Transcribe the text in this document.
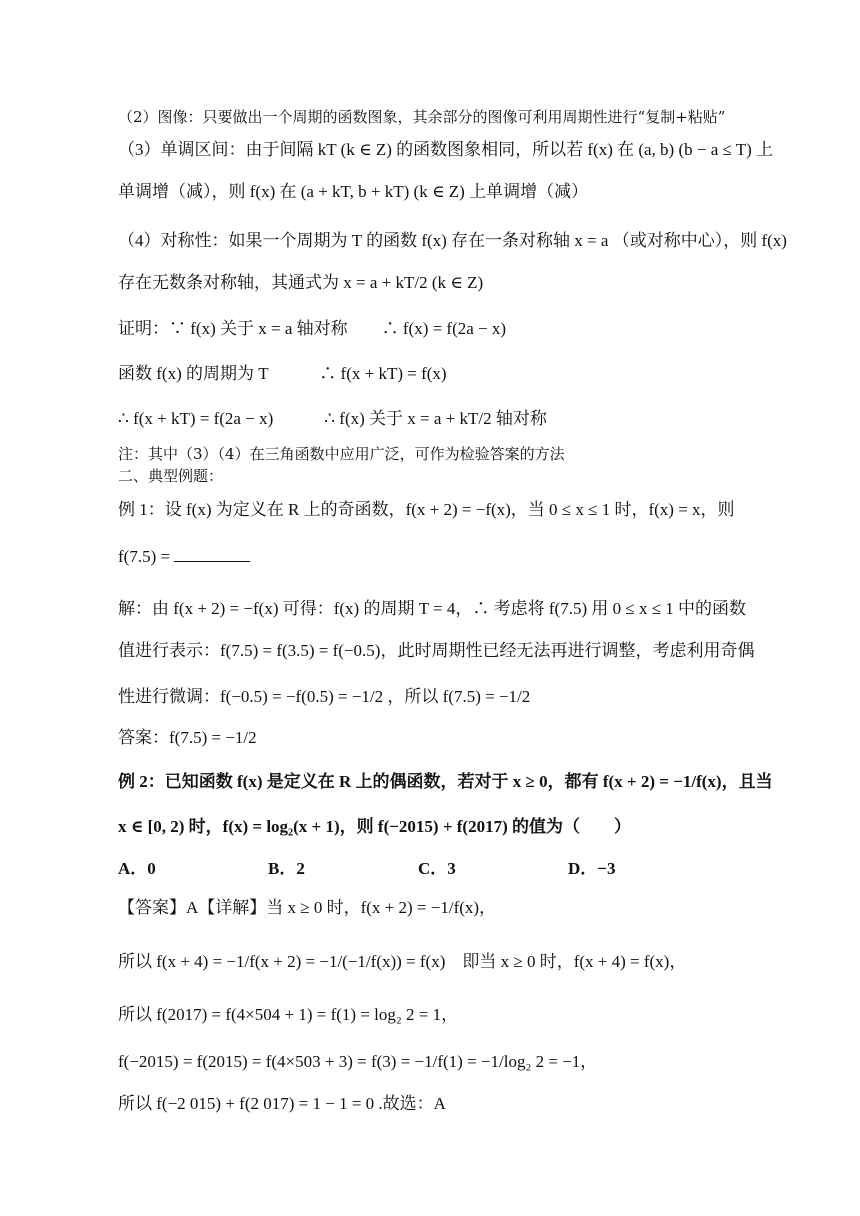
（2）图像：只要做出一个周期的函数图象，其余部分的图像可利用周期性进行“复制+粘贴”
（3）单调区间：由于间隔 kT (k ∈ Z) 的函数图象相同，所以若 f(x) 在 (a, b) (b − a ≤ T) 上
单调增（减），则 f(x) 在 (a + kT, b + kT) (k ∈ Z) 上单调增（减）
（4）对称性：如果一个周期为 T 的函数 f(x) 存在一条对称轴 x = a （或对称中心），则 f(x)
存在无数条对称轴，其通式为 x = a + kT/2 (k ∈ Z)
证明：∵ f(x) 关于 x = a 轴对称　　∴ f(x) = f(2a − x)
函数 f(x) 的周期为 T　　　∴ f(x + kT) = f(x)
∴ f(x + kT) = f(2a − x)　　　∴ f(x) 关于 x = a + kT/2 轴对称
注：其中（3）（4）在三角函数中应用广泛，可作为检验答案的方法
二、典型例题：
例 1：设 f(x) 为定义在 R 上的奇函数，f(x + 2) = −f(x)，当 0 ≤ x ≤ 1 时，f(x) = x，则
f(7.5) =
解：由 f(x + 2) = −f(x) 可得：f(x) 的周期 T = 4，∴ 考虑将 f(7.5) 用 0 ≤ x ≤ 1 中的函数
值进行表示：f(7.5) = f(3.5) = f(−0.5)，此时周期性已经无法再进行调整，考虑利用奇偶
性进行微调：f(−0.5) = −f(0.5) = −1/2 ，所以 f(7.5) = −1/2
答案：f(7.5) = −1/2
例 2：已知函数 f(x) 是定义在 R 上的偶函数，若对于 x ≥ 0，都有 f(x + 2) = −1/f(x)，且当
x ∈ [0, 2) 时，f(x) = log₂(x + 1)，则 f(−2015) + f(2017) 的值为（　　）
A．0	B．2	C．3	D．−3
【答案】A【详解】当 x ≥ 0 时，f(x + 2) = −1/f(x)，
所以 f(x + 4) = −1/f(x + 2) = −1/(−1/f(x)) = f(x)　即当 x ≥ 0 时，f(x + 4) = f(x)，
所以 f(2017) = f(4×504 + 1) = f(1) = log₂ 2 = 1，
f(−2015) = f(2015) = f(4×503 + 3) = f(3) = −1/f(1) = −1/log₂ 2 = −1，
所以 f(−2 015) + f(2 017) = 1 − 1 = 0 .故选：A
